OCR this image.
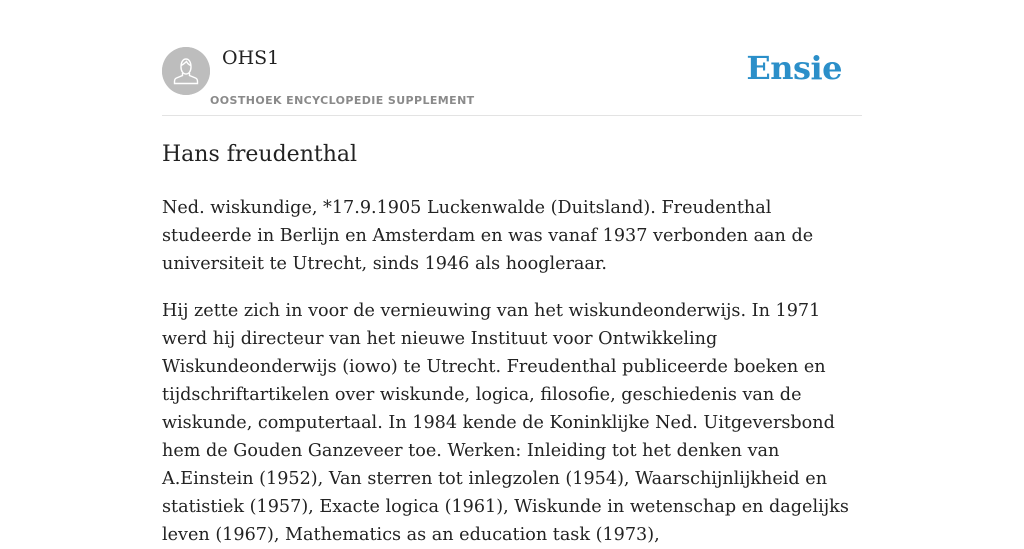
OHS1
OOSTHOEK ENCYCLOPEDIE SUPPLEMENT
Ensie
Hans freudenthal

Ned. wiskundige, *17.9.1905 Luckenwalde (Duitsland). Freudenthal studeerde in Berlijn en Amsterdam en was vanaf 1937 verbonden aan de universiteit te Utrecht, sinds 1946 als hoogleraar.

Hij zette zich in voor de vernieuwing van het wiskundeonderwijs. In 1971 werd hij directeur van het nieuwe Instituut voor Ontwikkeling Wiskundeonderwijs (iowo) te Utrecht. Freudenthal publiceerde boeken en tijdschriftartikelen over wiskunde, logica, filosofie, geschiedenis van de wiskunde, computertaal. In 1984 kende de Koninklijke Ned. Uitgeversbond hem de Gouden Ganzeveer toe. Werken: Inleiding tot het denken van A.Einstein (1952), Van sterren tot inlegzolen (1954), Waarschijnlijkheid en statistiek (1957), Exacte logica (1961), Wiskunde in wetenschap en dagelijks leven (1967), Mathematics as an education task (1973),
